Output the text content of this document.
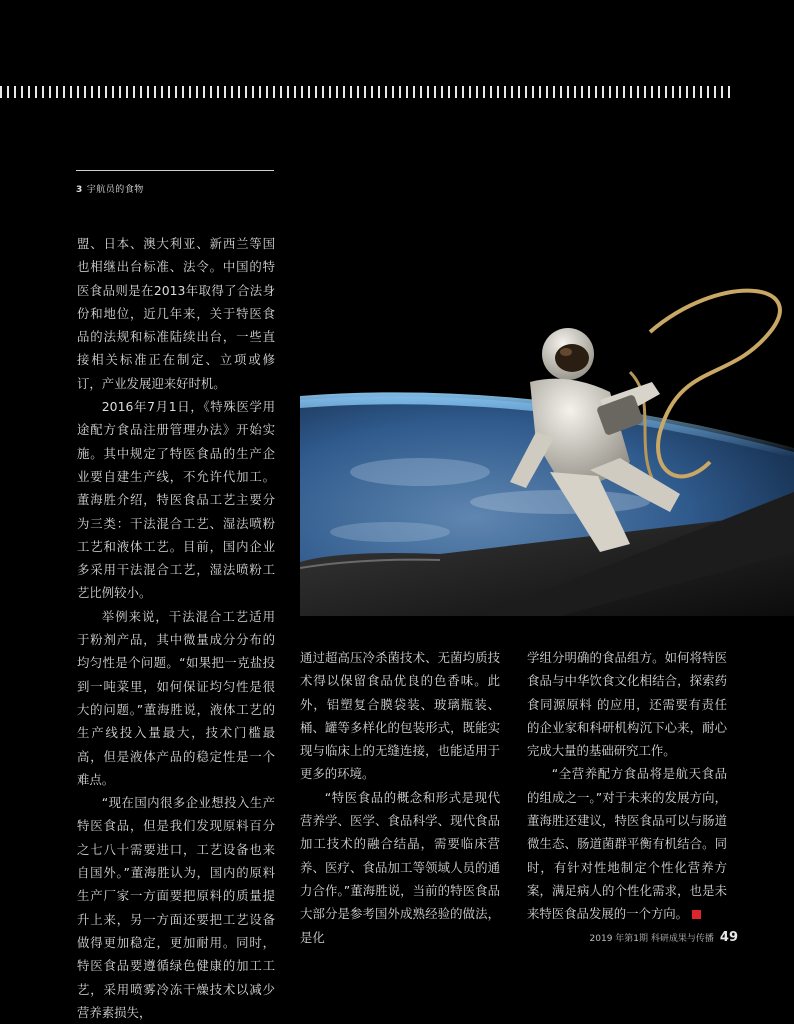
3 宇航员的食物

盟、日本、澳大利亚、新西兰等国也相继出台标准、法令。中国的特医食品则是在2013年取得了合法身份和地位，近几年来，关于特医食品的法规和标准陆续出台，一些直接相关标准正在制定、立项或修订，产业发展迎来好时机。

2016年7月1日，《特殊医学用途配方食品注册管理办法》开始实施。其中规定了特医食品的生产企业要自建生产线，不允许代加工。董海胜介绍，特医食品工艺主要分为三类：干法混合工艺、湿法喷粉工艺和液体工艺。目前，国内企业多采用干法混合工艺，湿法喷粉工艺比例较小。

举例来说，干法混合工艺适用于粉剂产品，其中微量成分分布的均匀性是个问题。“如果把一克盐投到一吨菜里，如何保证均匀性是很大的问题。”董海胜说，液体工艺的生产线投入量最大，技术门槛最高，但是液体产品的稳定性是一个难点。

“现在国内很多企业想投入生产特医食品，但是我们发现原料百分之七八十需要进口，工艺设备也来自国外。”董海胜认为，国内的原料生产厂家一方面要把原料的质量提升上来，另一方面还要把工艺设备做得更加稳定，更加耐用。同时，特医食品要遵循绿色健康的加工工艺，采用喷雾冷冻干燥技术以减少营养素损失，

通过超高压冷杀菌技术、无菌均质技术得以保留食品优良的色香味。此外，铝塑复合膜袋装、玻璃瓶装、桶、罐等多样化的包装形式，既能实现与临床上的无缝连接，也能适用于更多的环境。

“特医食品的概念和形式是现代营养学、医学、食品科学、现代食品加工技术的融合结晶，需要临床营养、医疗、食品加工等领域人员的通力合作。”董海胜说，当前的特医食品大部分是参考国外成熟经验的做法，是化

学组分明确的食品组方。如何将特医食品与中华饮食文化相结合，探索药食同源原料 的应用，还需要有责任的企业家和科研机构沉下心来，耐心完成大量的基础研究工作。

“全营养配方食品将是航天食品的组成之一。”对于未来的发展方向，董海胜还建议，特医食品可以与肠道微生态、肠道菌群平衡有机结合。同时，有针对性地制定个性化营养方案，满足病人的个性化需求，也是未来特医食品发展的一个方向。

2019 年第1期 科研成果与传播 49
